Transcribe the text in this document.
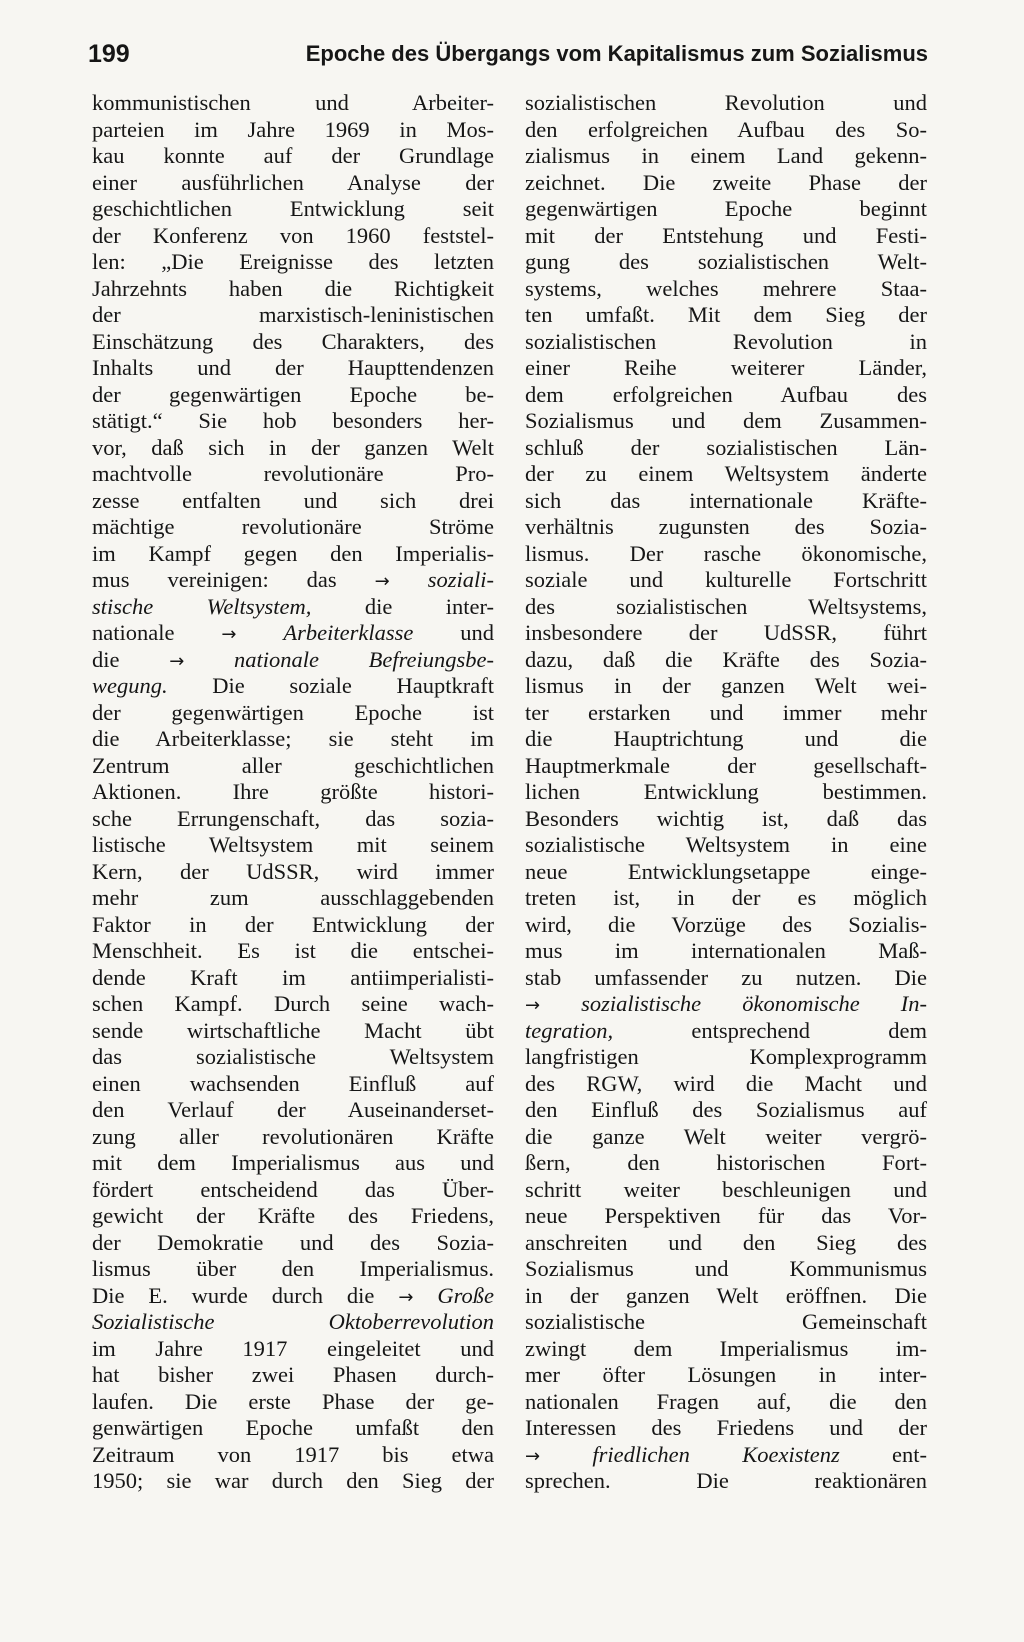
199	Epoche des Übergangs vom Kapitalismus zum Sozialismus
kommunistischen und Arbeiter-
parteien im Jahre 1969 in Mos-
kau konnte auf der Grundlage
einer ausführlichen Analyse der
geschichtlichen Entwicklung seit
der Konferenz von 1960 feststel-
len: „Die Ereignisse des letzten
Jahrzehnts haben die Richtigkeit
der marxistisch-leninistischen
Einschätzung des Charakters, des
Inhalts und der Haupttendenzen
der gegenwärtigen Epoche be-
stätigt.“ Sie hob besonders her-
vor, daß sich in der ganzen Welt
machtvolle revolutionäre Pro-
zesse entfalten und sich drei
mächtige revolutionäre Ströme
im Kampf gegen den Imperialis-
mus vereinigen: das → soziali-
stische Weltsystem, die inter-
nationale	→ Arbeiterklasse und
die	→ nationale Befreiungsbe-
wegung. Die soziale Hauptkraft
der gegenwärtigen Epoche ist
die Arbeiterklasse; sie steht im
Zentrum aller geschichtlichen
Aktionen. Ihre größte histori-
sche Errungenschaft, das sozia-
listische Weltsystem mit seinem
Kern, der UdSSR, wird immer
mehr zum ausschlaggebenden
Faktor in der Entwicklung der
Menschheit. Es ist die entschei-
dende Kraft im antiimperialisti-
schen Kampf. Durch seine wach-
sende wirtschaftliche Macht übt
das sozialistische Weltsystem
einen wachsenden Einfluß auf
den Verlauf der Auseinanderset-
zung aller revolutionären Kräfte
mit dem Imperialismus aus und
fördert entscheidend das Über-
gewicht der Kräfte des Friedens,
der Demokratie und des Sozia-
lismus über den Imperialismus.
Die E. wurde durch die → Große
Sozialistische Oktoberrevolution
im Jahre 1917 eingeleitet und
hat bisher zwei Phasen durch-
laufen. Die erste Phase der ge-
genwärtigen Epoche umfaßt den
Zeitraum von 1917 bis etwa
1950; sie war durch den Sieg der
sozialistischen Revolution und
den erfolgreichen Aufbau des So-
zialismus in einem Land gekenn-
zeichnet. Die zweite Phase der
gegenwärtigen Epoche beginnt
mit der Entstehung und Festi-
gung des sozialistischen Welt-
systems, welches mehrere Staa-
ten umfaßt. Mit dem Sieg der
sozialistischen Revolution in
einer Reihe weiterer Länder,
dem erfolgreichen Aufbau des
Sozialismus und dem Zusammen-
schluß der sozialistischen Län-
der zu einem Weltsystem änderte
sich das internationale Kräfte-
verhältnis zugunsten des Sozia-
lismus. Der rasche ökonomische,
soziale und kulturelle Fortschritt
des sozialistischen Weltsystems,
insbesondere der UdSSR, führt
dazu, daß die Kräfte des Sozia-
lismus in der ganzen Welt wei-
ter erstarken und immer mehr
die Hauptrichtung und die
Hauptmerkmale der gesellschaft-
lichen Entwicklung bestimmen.
Besonders wichtig ist, daß das
sozialistische Weltsystem in eine
neue Entwicklungsetappe einge-
treten ist, in der es möglich
wird, die Vorzüge des Sozialis-
mus im internationalen Maß-
stab umfassender zu nutzen. Die
→ sozialistische ökonomische In-
tegration,	entsprechend dem
langfristigen Komplexprogramm
des RGW, wird die Macht und
den Einfluß des Sozialismus auf
die ganze Welt weiter vergrö-
ßern, den historischen Fort-
schritt weiter beschleunigen und
neue Perspektiven für das Vor-
anschreiten und den Sieg des
Sozialismus und Kommunismus
in der ganzen Welt eröffnen. Die
sozialistische Gemeinschaft
zwingt dem Imperialismus im-
mer öfter Lösungen in inter-
nationalen Fragen auf, die den
Interessen des Friedens und der
→ friedlichen Koexistenz ent-
sprechen. Die reaktionären
